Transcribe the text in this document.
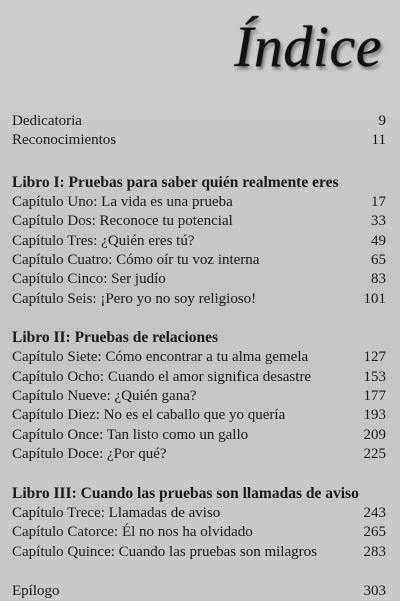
Índice
Dedicatoria	9
Reconocimientos	11
Libro I: Pruebas para saber quién realmente eres
Capítulo Uno: La vida es una prueba	17
Capítulo Dos: Reconoce tu potencial	33
Capítulo Tres: ¿Quién eres tú?	49
Capítulo Cuatro: Cómo oír tu voz interna	65
Capítulo Cinco: Ser judío	83
Capítulo Seis: ¡Pero yo no soy religioso!	101
Libro II: Pruebas de relaciones
Capítulo Siete: Cómo encontrar a tu alma gemela	127
Capítulo Ocho: Cuando el amor significa desastre	153
Capítulo Nueve: ¿Quién gana?	177
Capítulo Diez: No es el caballo que yo quería	193
Capítulo Once: Tan listo como un gallo	209
Capítulo Doce: ¿Por qué?	225
Libro III: Cuando las pruebas son llamadas de aviso
Capítulo Trece: Llamadas de aviso	243
Capítulo Catorce: Él no nos ha olvidado	265
Capítulo Quince: Cuando las pruebas son milagros	283
Epílogo	303
